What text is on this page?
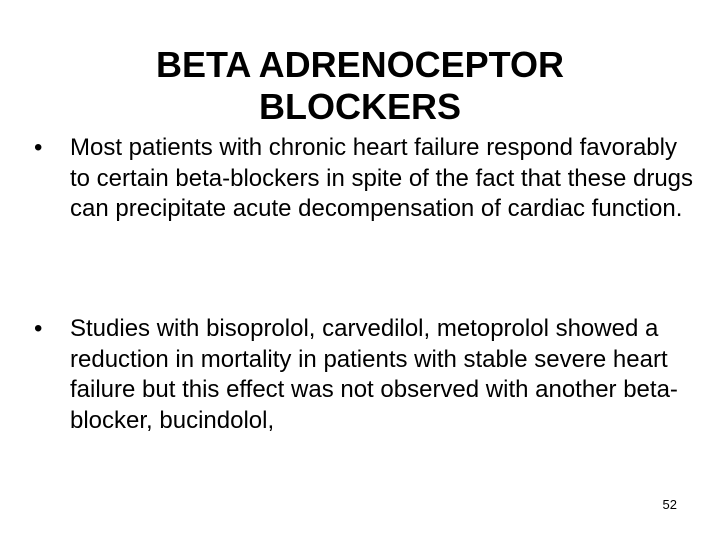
BETA ADRENOCEPTOR
BLOCKERS
•	Most patients with chronic heart failure respond favorably to certain beta-blockers in spite of the fact that these drugs can precipitate acute decompensation of cardiac function.
•	Studies with bisoprolol, carvedilol, metoprolol showed a reduction in mortality in patients with stable severe heart failure but this effect was not observed with another beta-blocker, bucindolol,
52
